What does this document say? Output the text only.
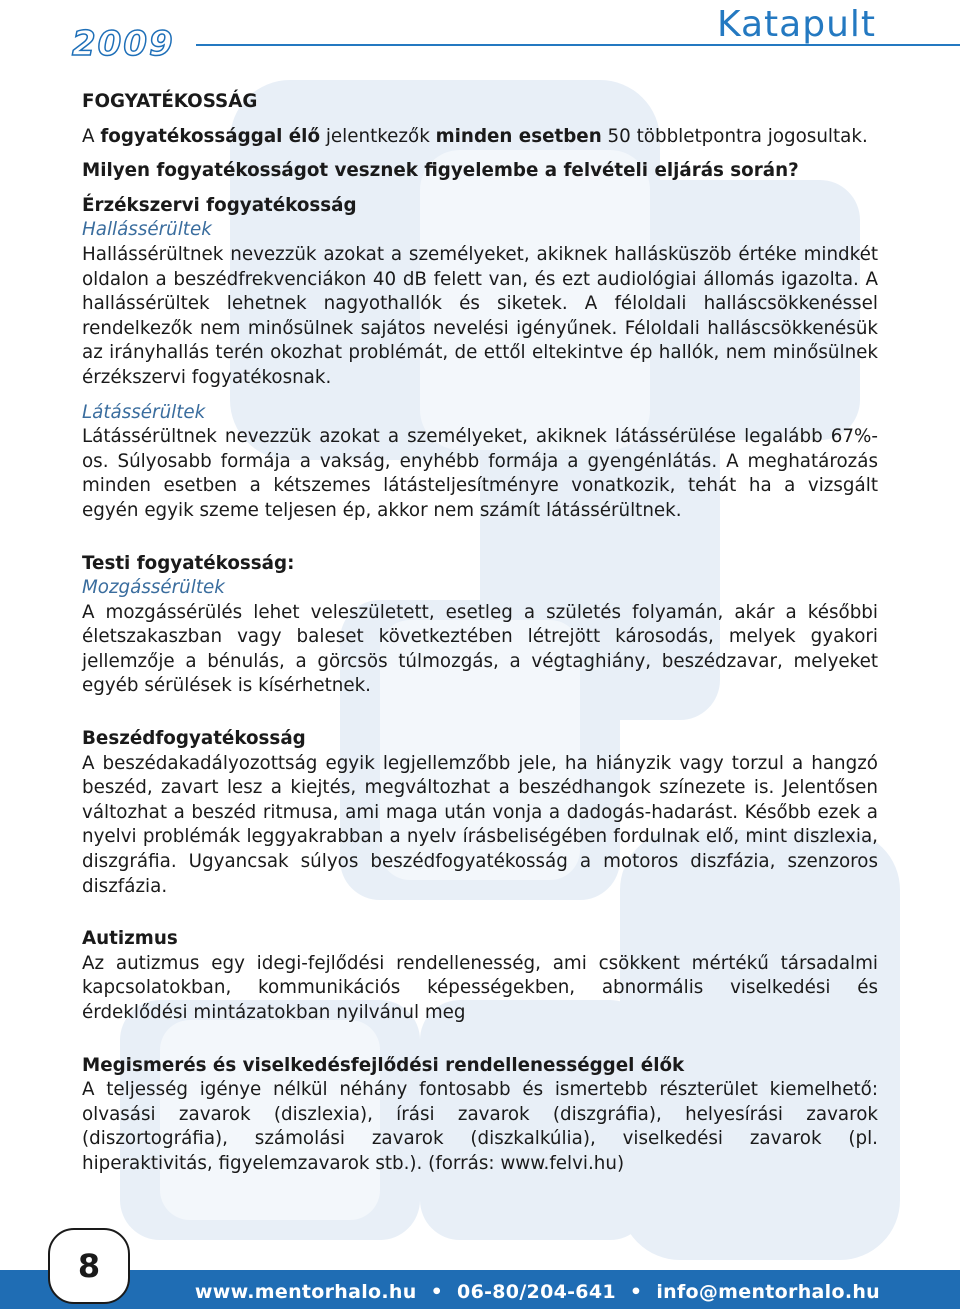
2009	Katapult

FOGYATÉKOSSÁG

A fogyatékossággal élő jelentkezők minden esetben 50 többletpontra jogosultak.

Milyen fogyatékosságot vesznek figyelembe a felvételi eljárás során?

Érzékszervi fogyatékosság

Hallássérültek

Hallássérültnek nevezzük azokat a személyeket, akiknek hallásküszöb értéke mindkét oldalon a beszédfrekvenciákon 40 dB felett van, és ezt audiológiai állomás igazolta. A hallássérültek lehetnek nagyothallók és siketek. A féloldali halláscsökkenéssel rendelkezők nem minősülnek sajátos nevelési igényűnek. Féloldali halláscsökkenésük az irányhallás terén okozhat problémát, de ettől eltekintve ép hallók, nem minősülnek érzékszervi fogyatékosnak.

Látássérültek

Látássérültnek nevezzük azokat a személyeket, akiknek látássérülése legalább 67%-os. Súlyosabb formája a vakság, enyhébb formája a gyengénlátás. A meghatározás minden esetben a kétszemes látásteljesítményre vonatkozik, tehát ha a vizsgált egyén egyik szeme teljesen ép, akkor nem számít látássérültnek.

Testi fogyatékosság:

Mozgássérültek

A mozgássérülés lehet veleszületett, esetleg a születés folyamán, akár a későbbi életszakaszban vagy baleset következtében létrejött károsodás, melyek gyakori jellemzője a bénulás, a görcsös túlmozgás, a végtaghiány, beszédzavar, melyeket egyéb sérülések is kísérhetnek.

Beszédfogyatékosság

A beszédakadályozottság egyik legjellemzőbb jele, ha hiányzik vagy torzul a hangzó beszéd, zavart lesz a kiejtés, megváltozhat a beszédhangok színezete is. Jelentősen változhat a beszéd ritmusa, ami maga után vonja a dadogás-hadarást. Később ezek a nyelvi problémák leggyakrabban a nyelv írásbeliségében fordulnak elő, mint diszlexia, diszgráfia. Ugyancsak súlyos beszédfogyatékosság a motoros diszfázia, szenzoros diszfázia.

Autizmus

Az autizmus egy idegi-fejlődési rendellenesség, ami csökkent mértékű társadalmi kapcsolatokban, kommunikációs képességekben, abnormális viselkedési és érdeklődési mintázatokban nyilvánul meg

Megismerés és viselkedésfejlődési rendellenességgel élők

A teljesség igénye nélkül néhány fontosabb és ismertebb részterület kiemelhető: olvasási zavarok (diszlexia), írási zavarok (diszgráfia), helyesírási zavarok (diszortográfia), számolási zavarok (diszkalkúlia), viselkedési zavarok (pl. hiperaktivitás, figyelemzavarok stb.). (forrás: www.felvi.hu)

8
www.mentorhalo.hu • 06-80/204-641 • info@mentorhalo.hu
